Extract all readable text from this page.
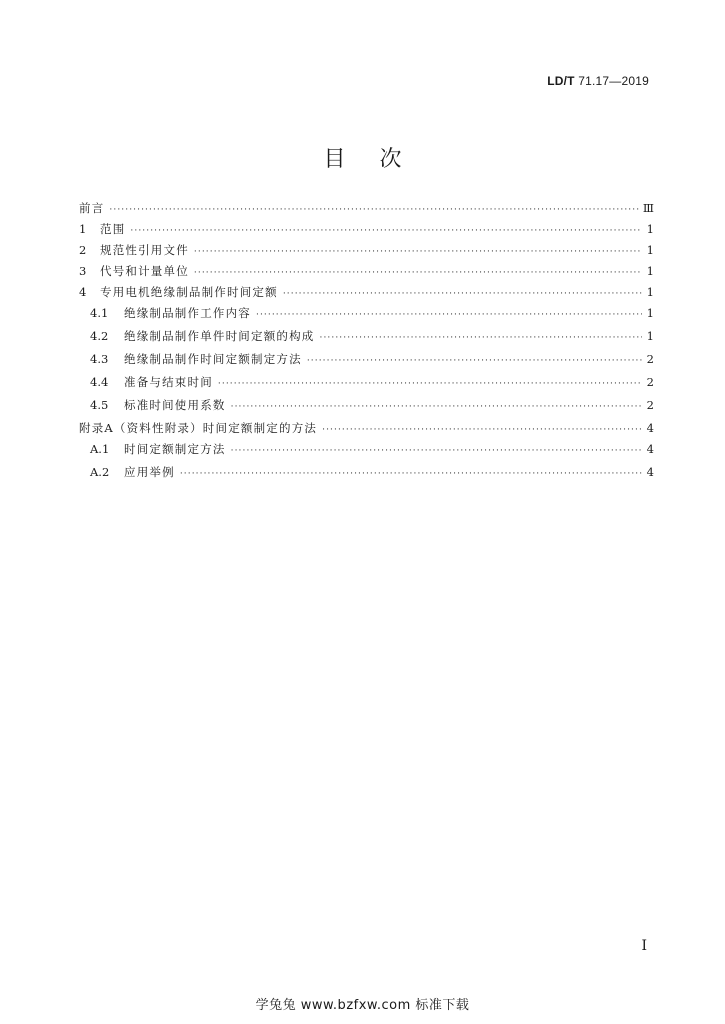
LD/T 71.17—2019
目次
前言 ·····	Ⅲ
1	范围 ·····	1
2	规范性引用文件 ·····	1
3	代号和计量单位 ·····	1
4	专用电机绝缘制品制作时间定额 ·····	1
4.1	绝缘制品制作工作内容 ·····	1
4.2	绝缘制品制作单件时间定额的构成 ·····	1
4.3	绝缘制品制作时间定额制定方法 ·····	2
4.4	准备与结束时间 ·····	2
4.5	标准时间使用系数 ·····	2
附录A（资料性附录）时间定额制定的方法 ·····	4
A.1	时间定额制定方法 ·····	4
A.2	应用举例 ·····	4
I
学兔兔 www.bzfxw.com 标准下载
